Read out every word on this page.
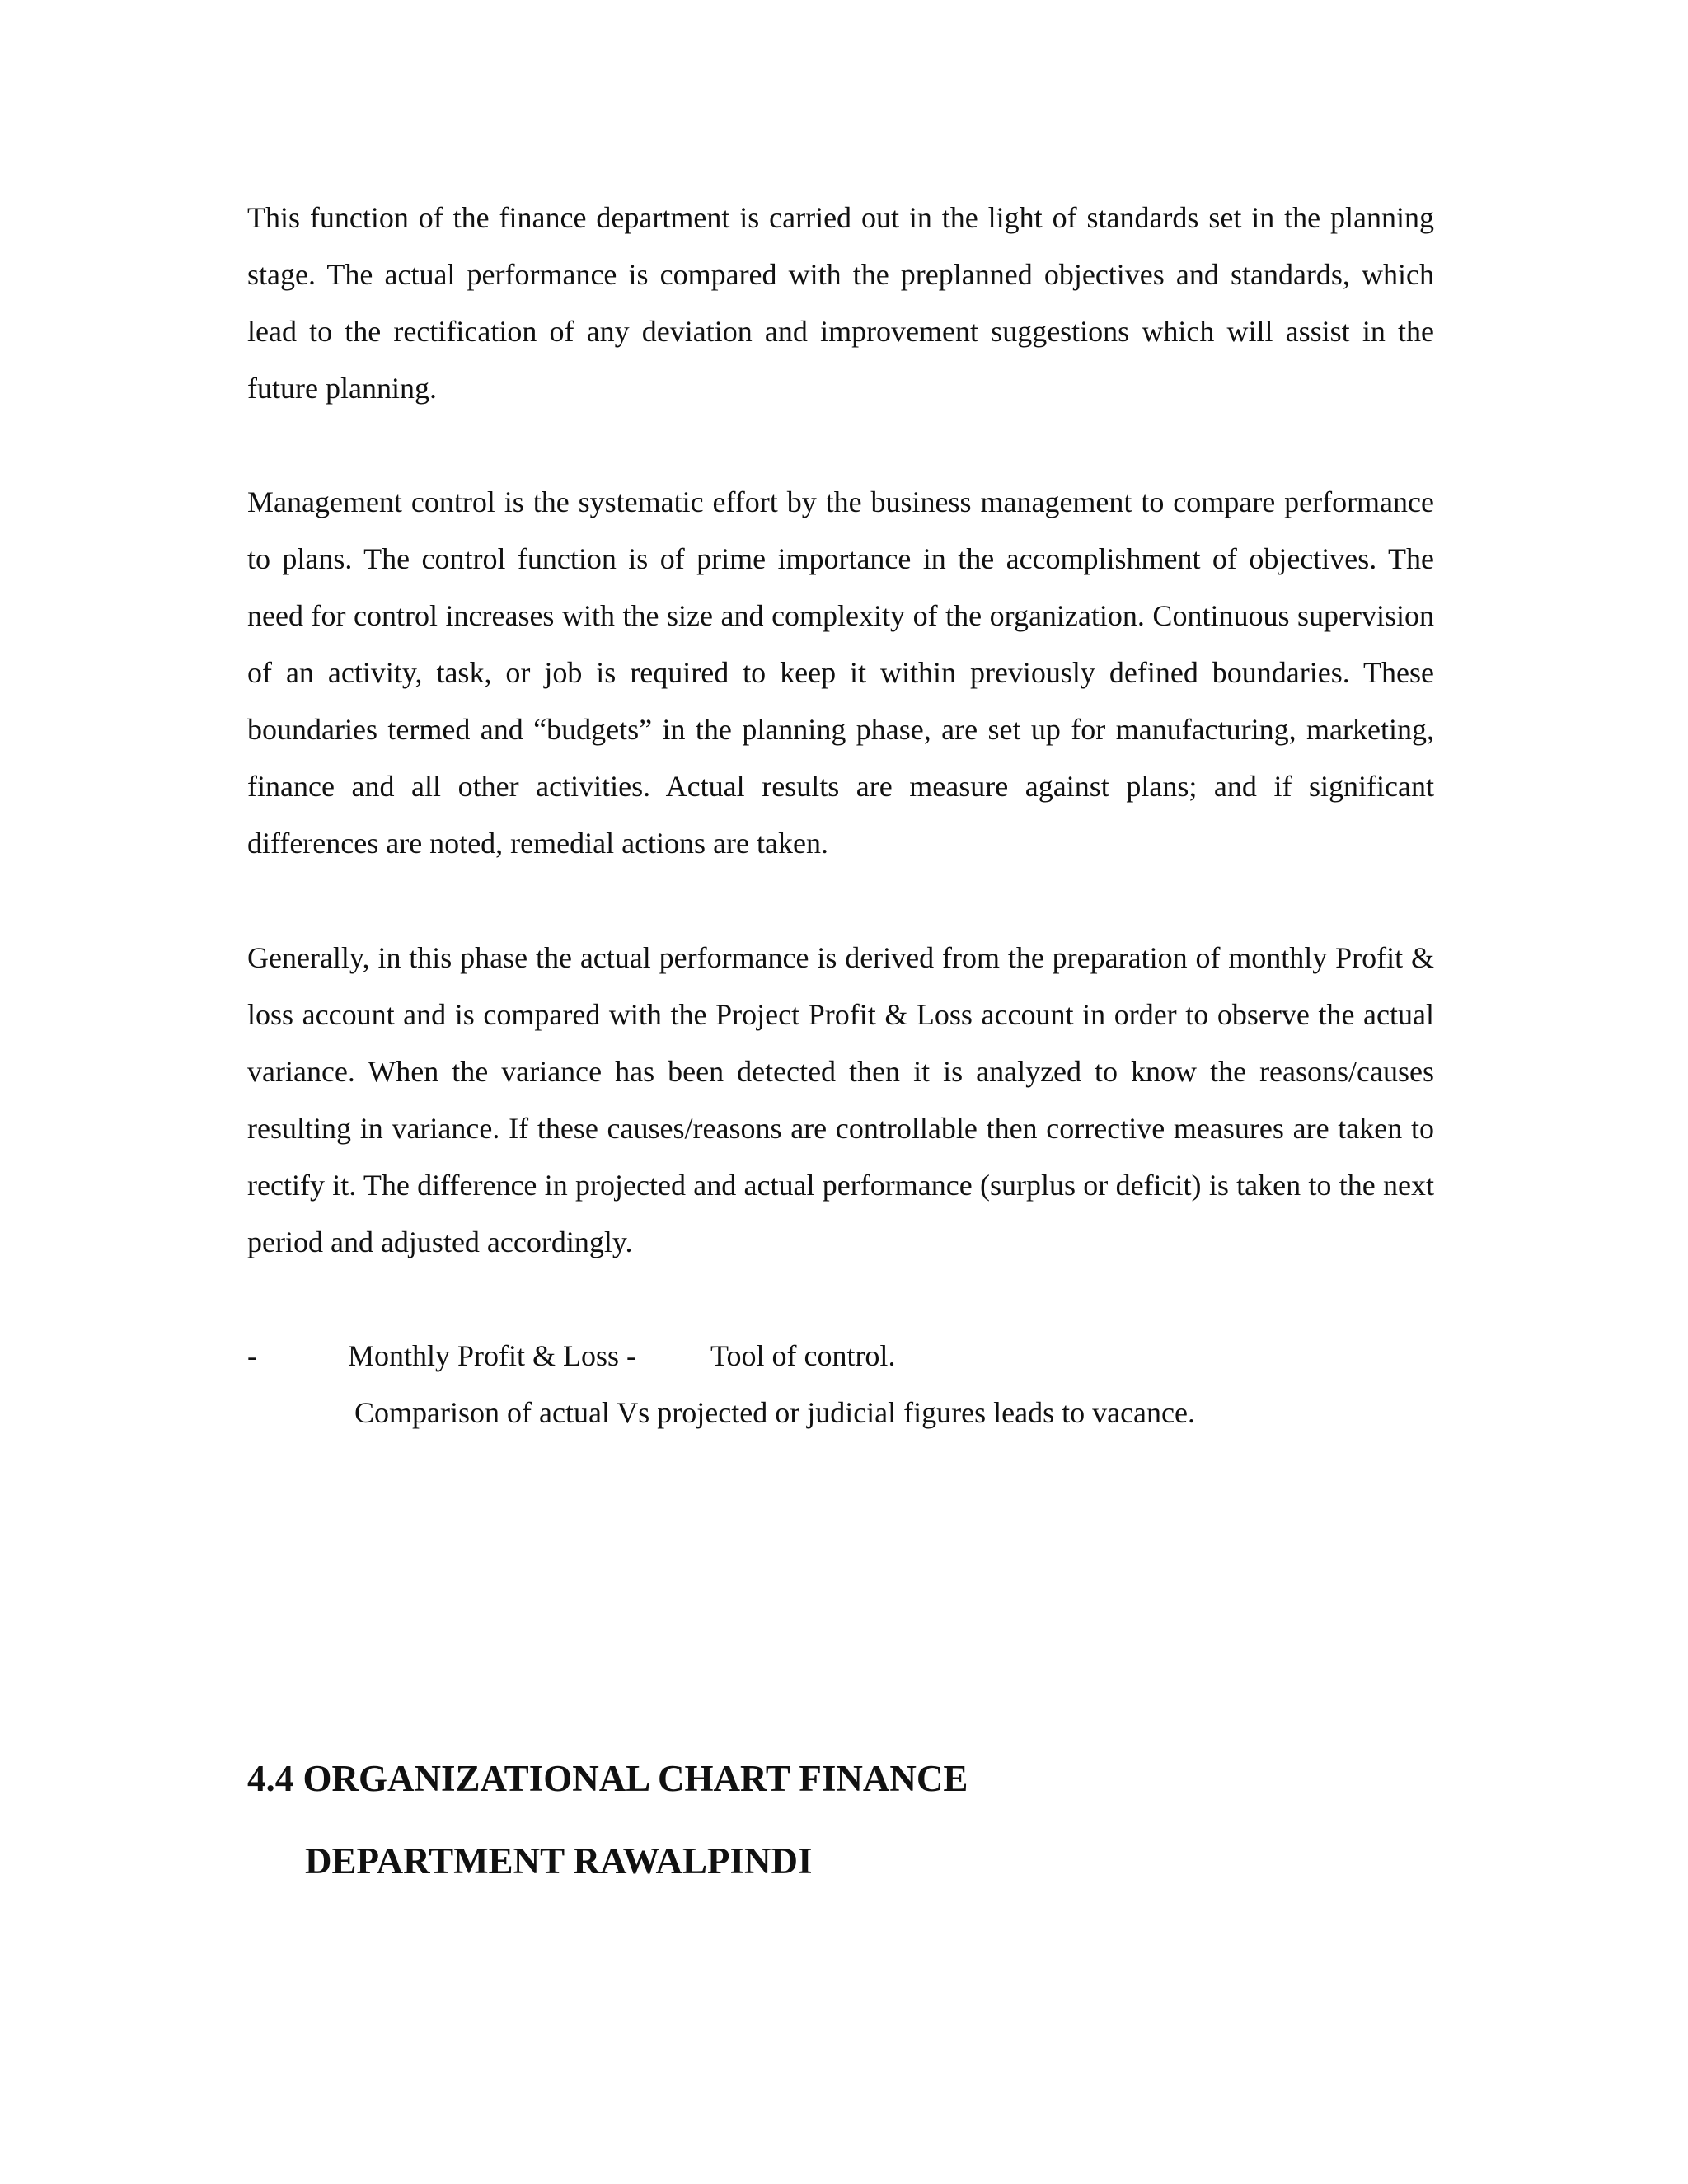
This function of the finance department is carried out in the light of standards set in the planning stage. The actual performance is compared with the preplanned objectives and standards, which lead to the rectification of any deviation and improvement suggestions which will assist in the future planning.

Management control is the systematic effort by the business management to compare performance to plans. The control function is of prime importance in the accomplishment of objectives. The need for control increases with the size and complexity of the organization. Continuous supervision of an activity, task, or job is required to keep it within previously defined boundaries. These boundaries termed and “budgets” in the planning phase, are set up for manufacturing, marketing, finance and all other activities. Actual results are measure against plans; and if significant differences are noted, remedial actions are taken.

Generally, in this phase the actual performance is derived from the preparation of monthly Profit & loss account and is compared with the Project Profit & Loss account in order to observe the actual variance. When the variance has been detected then it is analyzed to know the reasons/causes resulting in variance. If these causes/reasons are controllable then corrective measures are taken to rectify it. The difference in projected and actual performance (surplus or deficit) is taken to the next period and adjusted accordingly.

-	Monthly Profit & Loss - Tool of control.

Comparison of actual Vs projected or judicial figures leads to vacance.

4.4 ORGANIZATIONAL CHART FINANCE
DEPARTMENT RAWALPINDI
